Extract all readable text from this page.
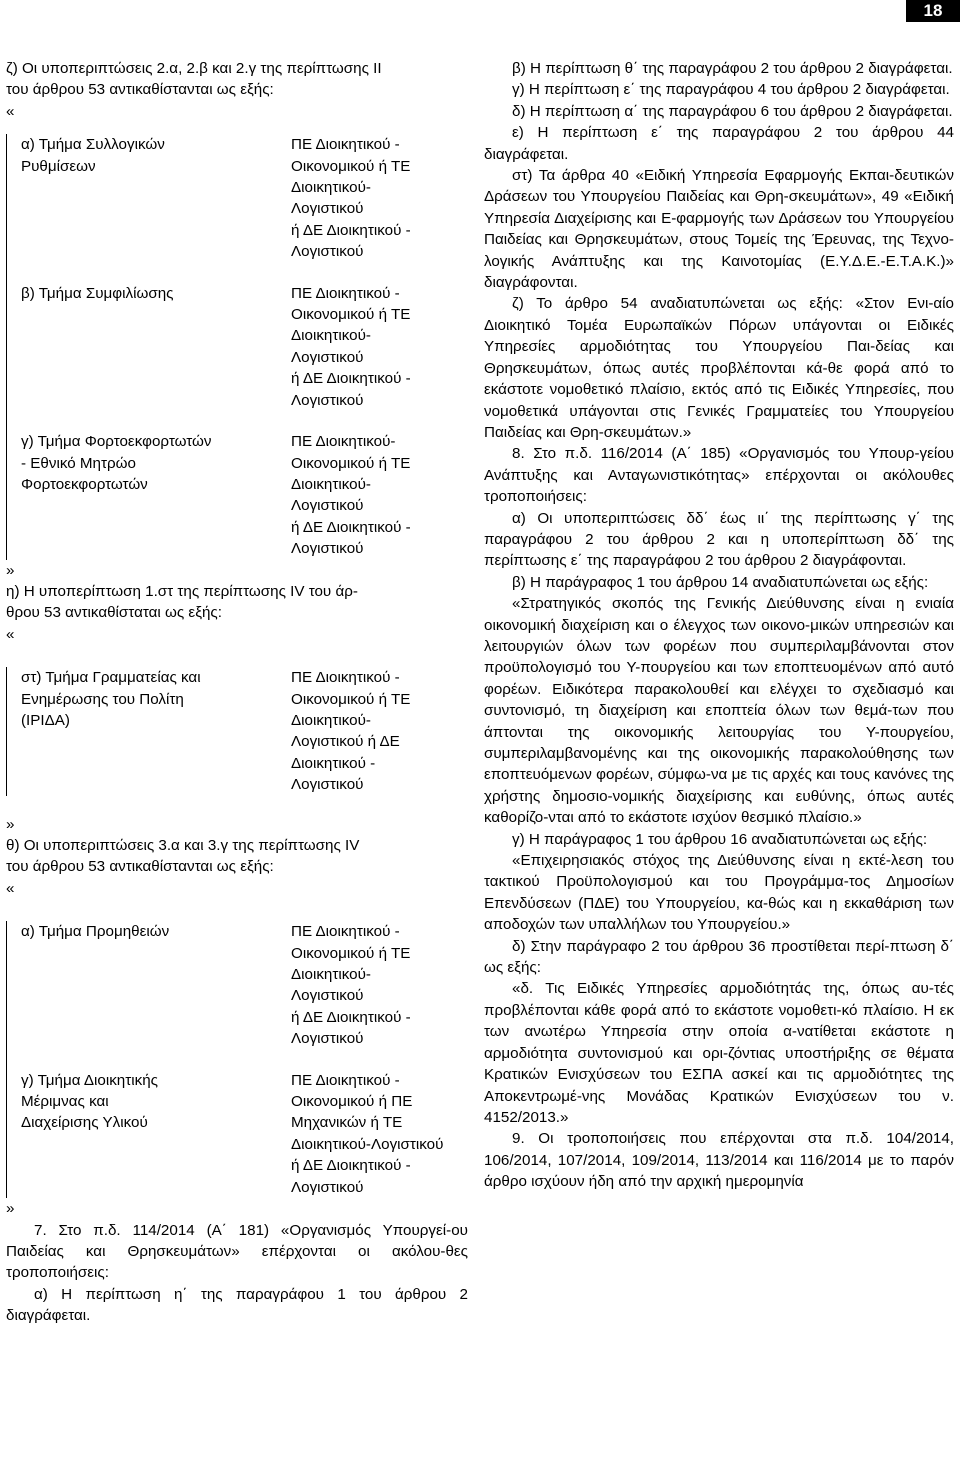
18

ζ) Οι υποπεριπτώσεις 2.α, 2.β και 2.γ της περίπτωσης ΙΙ

του άρθρου 53 αντικαθίστανται ως εξής:

«

α) Τμήμα Συλλογικών
Ρυθμίσεων
ΠΕ Διοικητικού -
Οικονομικού ή ΤΕ
Διοικητικού-
Λογιστικού
ή ΔΕ Διοικητικού -
Λογιστικού
β) Τμήμα Συμφιλίωσης	ΠΕ Διοικητικού -
Οικονομικού ή ΤΕ
Διοικητικού-
Λογιστικού
ή ΔΕ Διοικητικού -
Λογιστικού
γ) Τμήμα Φορτοεκφορτωτών
- Εθνικό Μητρώο
Φορτοεκφορτωτών
ΠΕ Διοικητικού-
Οικονομικού ή ΤΕ
Διοικητικού-
Λογιστικού
ή ΔΕ Διοικητικού -
Λογιστικού

»

η) Η υποπερίπτωση 1.στ της περίπτωσης IV του άρ-

θρου 53 αντικαθίσταται ως εξής:

«

στ) Τμήμα Γραμματείας και
Ενημέρωσης του Πολίτη
(ΙΡΙΔΑ)
ΠΕ Διοικητικού -
Οικονομικού ή ΤΕ
Διοικητικού-
Λογιστικού ή ΔΕ
Διοικητικού -
Λογιστικού

»

θ) Οι υποπεριπτώσεις 3.α και 3.γ της περίπτωσης IV

του άρθρου 53 αντικαθίστανται ως εξής:

«

α) Τμήμα Προμηθειών	ΠΕ Διοικητικού -
Οικονομικού ή ΤΕ
Διοικητικού-
Λογιστικού
ή ΔΕ Διοικητικού -
Λογιστικού
γ) Τμήμα Διοικητικής
Μέριμνας και
Διαχείρισης Υλικού
ΠΕ Διοικητικού -
Οικονομικού ή ΠΕ
Μηχανικών ή ΤΕ
Διοικητικού-Λογιστικού
ή ΔΕ Διοικητικού -
Λογιστικού

»

7. Στο π.δ. 114/2014 (Α΄ 181) «Οργανισμός Υπουργεί-ου Παιδείας και Θρησκευμάτων» επέρχονται οι ακόλου-θες τροποποιήσεις:

α) Η περίπτωση η΄ της παραγράφου 1 του άρθρου 2 διαγράφεται.

β) Η περίπτωση θ΄ της παραγράφου 2 του άρθρου 2 διαγράφεται.

γ) Η περίπτωση ε΄ της παραγράφου 4 του άρθρου 2 διαγράφεται.

δ) Η περίπτωση α΄ της παραγράφου 6 του άρθρου 2 διαγράφεται.

ε) Η περίπτωση ε΄ της παραγράφου 2 του άρθρου 44 διαγράφεται.

στ) Τα άρθρα 40 «Ειδική Υπηρεσία Εφαρμογής Εκπαι-δευτικών Δράσεων του Υπουργείου Παιδείας και Θρη-σκευμάτων», 49 «Ειδική Υπηρεσία Διαχείρισης και Ε-φαρμογής των Δράσεων του Υπουργείου Παιδείας και Θρησκευμάτων, στους Τομείς της Έρευνας, της Τεχνο-λογικής Ανάπτυξης και της Καινοτομίας (Ε.Υ.Δ.Ε.-Ε.Τ.Α.Κ.)» διαγράφονται.

ζ) Το άρθρο 54 αναδιατυπώνεται ως εξής: «Στον Ενι-αίο Διοικητικό Τομέα Ευρωπαϊκών Πόρων υπάγονται οι Ειδικές Υπηρεσίες αρμοδιότητας του Υπουργείου Παι-δείας και Θρησκευμάτων, όπως αυτές προβλέπονται κά-θε φορά από το εκάστοτε νομοθετικό πλαίσιο, εκτός από τις Ειδικές Υπηρεσίες, που νομοθετικά υπάγονται στις Γενικές Γραμματείες του Υπουργείου Παιδείας και Θρη-σκευμάτων.»

8. Στο π.δ. 116/2014 (Α΄ 185) «Οργανισμός του Υπουρ-γείου Ανάπτυξης και Ανταγωνιστικότητας» επέρχονται οι ακόλουθες τροποποιήσεις:

α) Οι υποπεριπτώσεις δδ΄ έως ιι΄ της περίπτωσης γ΄ της παραγράφου 2 του άρθρου 2 και η υποπερίπτωση δδ΄ της περίπτωσης ε΄ της παραγράφου 2 του άρθρου 2 διαγράφονται.

β) Η παράγραφος 1 του άρθρου 14 αναδιατυπώνεται ως εξής:

«Στρατηγικός σκοπός της Γενικής Διεύθυνσης είναι η ενιαία οικονομική διαχείριση και ο έλεγχος των οικονο-μικών υπηρεσιών και λειτουργιών όλων των φορέων που συμπεριλαμβάνονται στον προϋπολογισμό του Υ-πουργείου και των εποπτευομένων από αυτό φορέων. Ειδικότερα παρακολουθεί και ελέγχει το σχεδιασμό και συντονισμό, τη διαχείριση και εποπτεία όλων των θεμά-των που άπτονται της οικονομικής λειτουργίας του Υ-πουργείου, συμπεριλαμβανομένης και της οικονομικής παρακολούθησης των εποπτευόμενων φορέων, σύμφω-να με τις αρχές και τους κανόνες της χρήστης δημοσιο-νομικής διαχείρισης και ευθύνης, όπως αυτές καθορίζο-νται από το εκάστοτε ισχύον θεσμικό πλαίσιο.»

γ) Η παράγραφος 1 του άρθρου 16 αναδιατυπώνεται ως εξής:

«Επιχειρησιακός στόχος της Διεύθυνσης είναι η εκτέ-λεση του τακτικού Προϋπολογισμού και του Προγράμμα-τος Δημοσίων Επενδύσεων (ΠΔΕ) του Υπουργείου, κα-θώς και η εκκαθάριση των αποδοχών των υπαλλήλων του Υπουργείου.»

δ) Στην παράγραφο 2 του άρθρου 36 προστίθεται περί-πτωση δ΄ ως εξής:

«δ. Τις Ειδικές Υπηρεσίες αρμοδιότητάς της, όπως αυ-τές προβλέπονται κάθε φορά από το εκάστοτε νομοθετι-κό πλαίσιο. Η εκ των ανωτέρω Υπηρεσία στην οποία α-νατίθεται εκάστοτε η αρμοδιότητα συντονισμού και ορι-ζόντιας υποστήριξης σε θέματα Κρατικών Ενισχύσεων του ΕΣΠΑ ασκεί και τις αρμοδιότητες της Αποκεντρωμέ-νης Μονάδας Κρατικών Ενισχύσεων του ν. 4152/2013.»

9. Οι τροποποιήσεις που επέρχονται στα π.δ. 104/2014, 106/2014, 107/2014, 109/2014, 113/2014 και 116/2014 με το παρόν άρθρο ισχύουν ήδη από την αρχική ημερομηνία
